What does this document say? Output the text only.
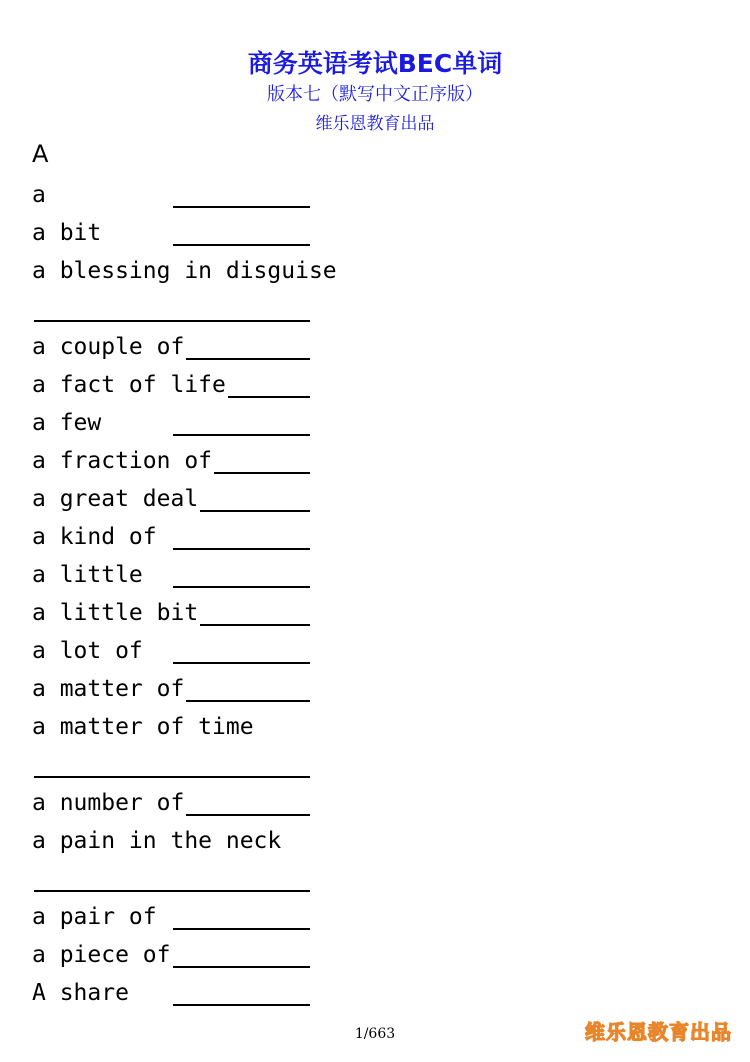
商务英语考试BEC单词
版本七（默写中文正序版）
维乐恩教育出品
A
a
a bit
a blessing in disguise
a couple of
a fact of life
a few
a fraction of
a great deal
a kind of
a little
a little bit
a lot of
a matter of
a matter of time
a number of
a pain in the neck
a pair of
a piece of
A share
1/663	维乐恩教育出品
